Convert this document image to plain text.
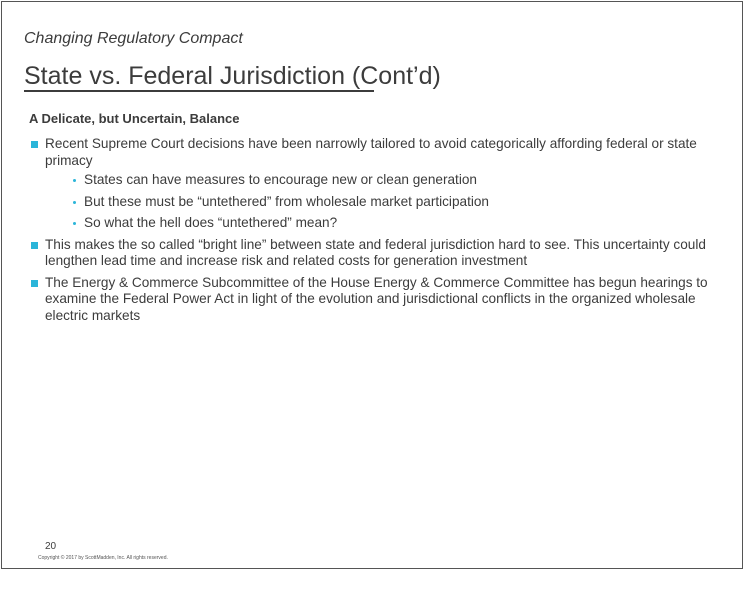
Changing Regulatory Compact
State vs. Federal Jurisdiction (Cont’d)
A Delicate, but Uncertain, Balance
Recent Supreme Court decisions have been narrowly tailored to avoid categorically affording federal or state primacy
States can have measures to encourage new or clean generation
But these must be “untethered” from wholesale market participation
So what the hell does “untethered” mean?
This makes the so called “bright line” between state and federal jurisdiction hard to see. This uncertainty could lengthen lead time and increase risk and related costs for generation investment
The Energy & Commerce Subcommittee of the House Energy & Commerce Committee has begun hearings to examine the Federal Power Act in light of the evolution and jurisdictional conflicts in the organized wholesale electric markets
20
Copyright © 2017 by ScottMadden, Inc. All rights reserved.
